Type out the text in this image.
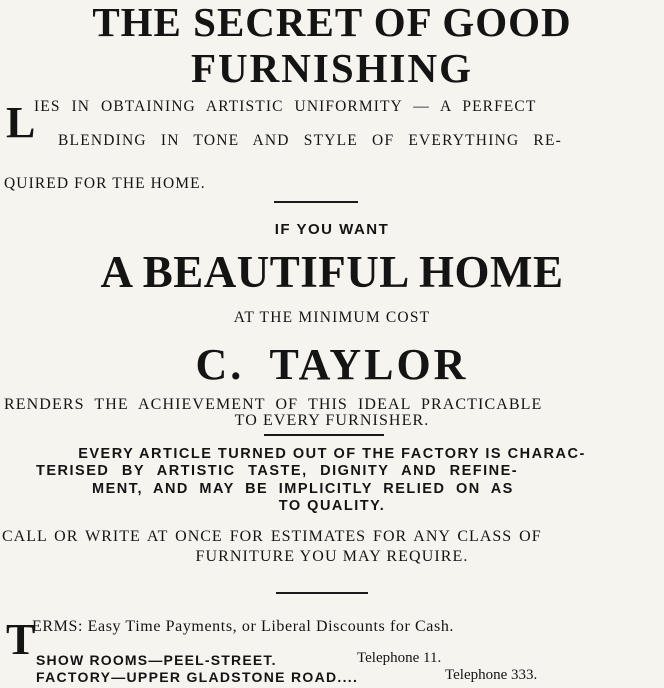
THE SECRET OF GOOD
FURNISHING
L
IES IN OBTAINING ARTISTIC UNIFORMITY — A PERFECT
BLENDING IN TONE AND STYLE OF EVERYTHING RE-
QUIRED FOR THE HOME.
IF YOU WANT
A BEAUTIFUL HOME
AT THE MINIMUM COST
C. TAYLOR
RENDERS THE ACHIEVEMENT OF THIS IDEAL PRACTICABLE
TO EVERY FURNISHER.
EVERY ARTICLE TURNED OUT OF THE FACTORY IS CHARAC-
TERISED BY ARTISTIC TASTE, DIGNITY AND REFINE-
MENT, AND MAY BE IMPLICITLY RELIED ON AS
TO QUALITY.
CALL OR WRITE AT ONCE FOR ESTIMATES FOR ANY CLASS OF
FURNITURE YOU MAY REQUIRE.
T
ERMS: Easy Time Payments, or Liberal Discounts for Cash.
SHOW ROOMS—PEEL-STREET.	Telephone 11.
FACTORY—UPPER GLADSTONE ROAD....	Telephone 333.
